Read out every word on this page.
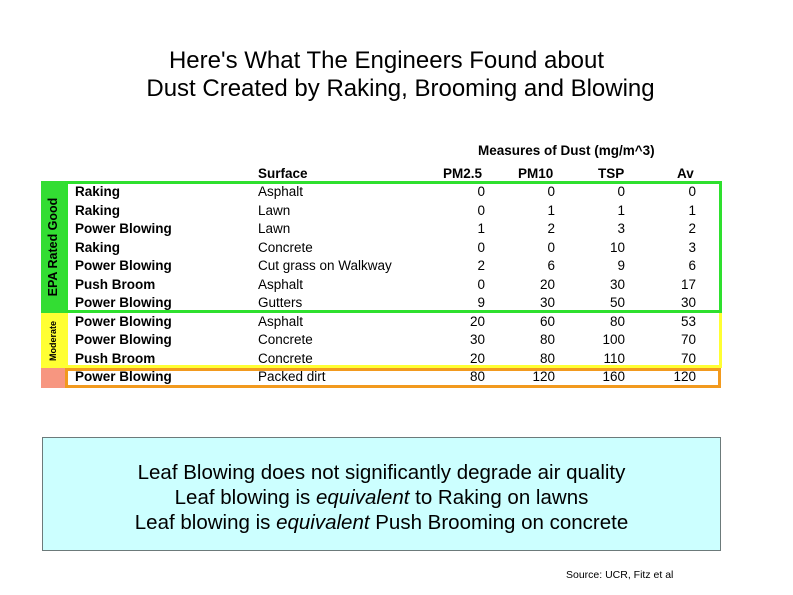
Here's What The Engineers Found about
Dust Created by Raking, Brooming and Blowing
Measures of Dust (mg/m^3)
Surface	PM2.5	PM10	TSP	Av
EPA Rated Good
Moderate
Raking	Asphalt	0	0	0	0
Raking	Lawn	0	1	1	1
Power Blowing	Lawn	1	2	3	2
Raking	Concrete	0	0	10	3
Power Blowing	Cut grass on Walkway	2	6	9	6
Push Broom	Asphalt	0	20	30	17
Power Blowing	Gutters	9	30	50	30
Power Blowing	Asphalt	20	60	80	53
Power Blowing	Concrete	30	80	100	70
Push Broom	Concrete	20	80	110	70
Power Blowing	Packed dirt	80	120	160	120
Leaf Blowing does not significantly degrade air quality
Leaf blowing is equivalent to Raking on lawns
Leaf blowing is equivalent Push Brooming on concrete
Source: UCR, Fitz et al
